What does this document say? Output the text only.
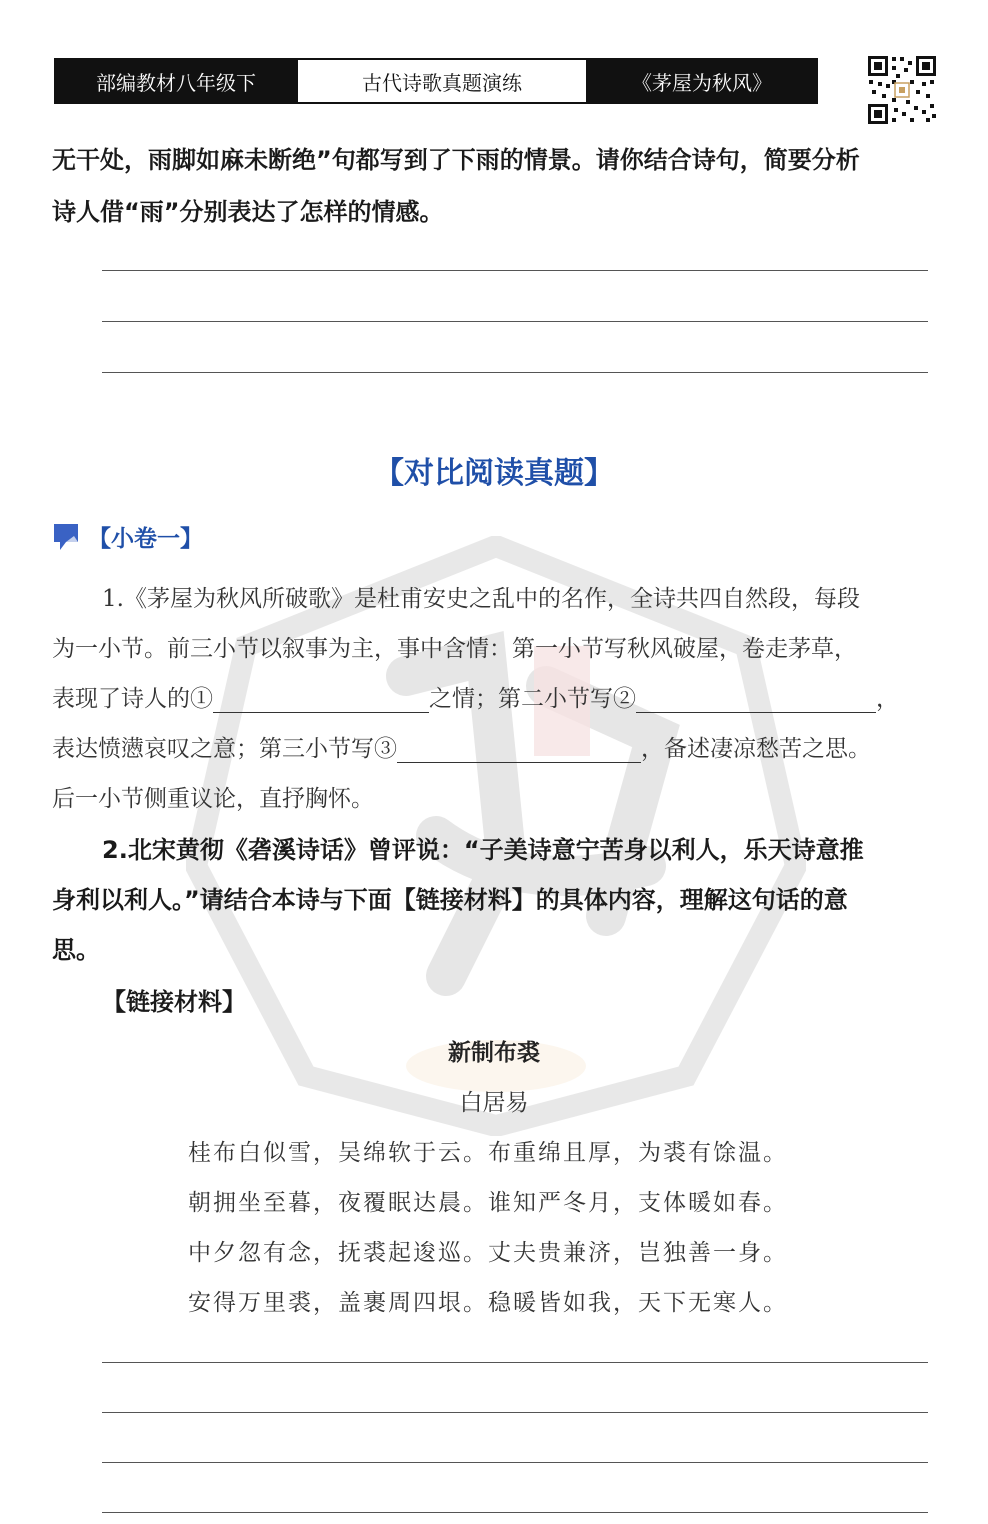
部编教材八年级下	古代诗歌真题演练	《茅屋为秋风》
无干处，雨脚如麻未断绝”句都写到了下雨的情景。请你结合诗句，简要分析
诗人借“雨”分别表达了怎样的情感。
【对比阅读真题】
【小卷一】
1.《茅屋为秋风所破歌》是杜甫安史之乱中的名作，全诗共四自然段，每段
为一小节。前三小节以叙事为主，事中含情：第一小节写秋风破屋，卷走茅草，
表现了诗人的①	之情；第二小节写②	，
表达愤懑哀叹之意；第三小节写③	，备述凄凉愁苦之思。
后一小节侧重议论，直抒胸怀。
2.北宋黄彻《砻溪诗话》曾评说：“子美诗意宁苦身以利人，乐天诗意推
身利以利人。”请结合本诗与下面【链接材料】的具体内容，理解这句话的意
思。
【链接材料】
新制布裘
白居易
桂布白似雪，吴绵软于云。布重绵且厚，为裘有馀温。
朝拥坐至暮，夜覆眠达晨。谁知严冬月，支体暖如春。
中夕忽有念，抚裘起逡巡。丈夫贵兼济，岂独善一身。
安得万里裘，盖裹周四垠。稳暖皆如我，天下无寒人。
